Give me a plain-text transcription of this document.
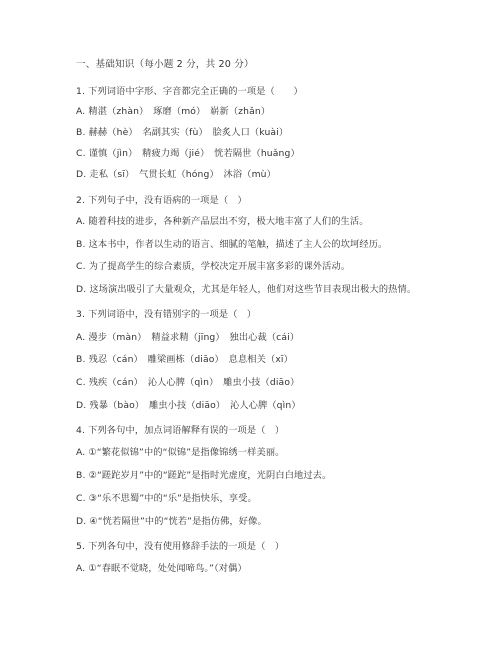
一、基础知识（每小题 2 分，共 20 分）
1. 下列词语中字形、字音都完全正确的一项是（　　）
A. 精湛（zhàn）　琢磨（mó）　崭新（zhǎn）
B. 赫赫（hè）　名副其实（fù）　脍炙人口（kuài）
C. 谨慎（jìn）　精疲力竭（jié）　恍若隔世（huǎng）
D. 走私（sī）　气贯长虹（hóng）　沐浴（mù）
2. 下列句子中，没有语病的一项是（　）
A. 随着科技的进步，各种新产品层出不穷，极大地丰富了人们的生活。
B. 这本书中，作者以生动的语言、细腻的笔触，描述了主人公的坎坷经历。
C. 为了提高学生的综合素质，学校决定开展丰富多彩的课外活动。
D. 这场演出吸引了大量观众，尤其是年轻人，他们对这些节目表现出极大的热情。
3. 下列词语中，没有错别字的一项是（　）
A. 漫步（màn）　精益求精（jīng）　独出心裁（cái）
B. 残忍（cán）　雕梁画栋（diāo）　息息相关（xī）
C. 残疾（cán）　沁人心脾（qìn）　雕虫小技（diāo）
D. 残暴（bào）　雕虫小技（diāo）　沁人心脾（qìn）
4. 下列各句中，加点词语解释有误的一项是（　）
A. ①“繁花似锦”中的“似锦”是指像锦绣一样美丽。
B. ②“蹉跎岁月”中的“蹉跎”是指时光虚度，光阴白白地过去。
C. ③“乐不思蜀”中的“乐”是指快乐，享受。
D. ④“恍若隔世”中的“恍若”是指仿佛，好像。
5. 下列各句中，没有使用修辞手法的一项是（　）
A. ①“春眠不觉晓，处处闻啼鸟。”（对偶）
